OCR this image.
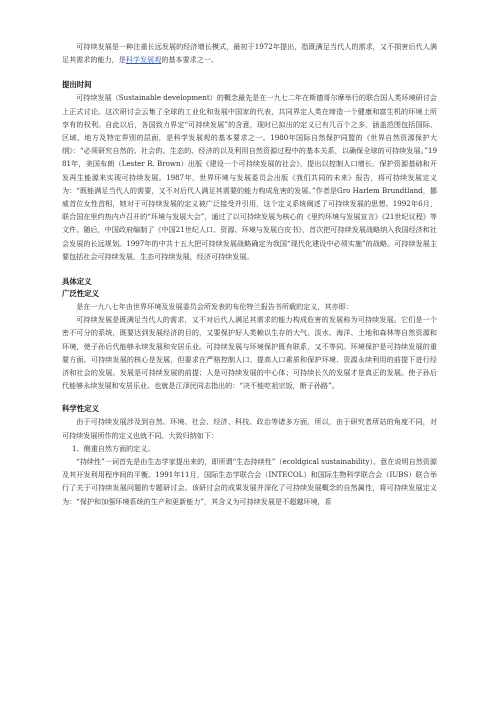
可持续发展是一种注重长远发展的经济增长模式，最初于1972年提出，指既满足当代人的需求，又不损害后代人满足其需求的能力，是科学发展观的基本要求之一。

提出时间

可持续发展（Sustainable development）的概念最先是在一九七二年在斯德哥尔摩举行的联合国人类环境研讨会上正式讨论。这次研讨会云集了全球的工业化和发展中国家的代表，共同界定人类在缔造一个健康和富生机的环境上所享有的权利。自此以后，各国致力界定“可持续发展”的含意，现时已拟出的定义已有几百个之多，涵盖范围包括国际、区域、地方及特定界别的层面，是科学发展观的基本要求之一。1980年国际自然保护同盟的《世界自然资源保护大纲》：“必须研究自然的、社会的、生态的、经济的以及利用自然资源过程中的基本关系，以确保全球的可持续发展。”1981年，美国布朗（Lester R. Brown）出版《建设一个可持续发展的社会》，提出以控制人口增长、保护资源基础和开发再生能源来实现可持续发展。1987年，世界环境与发展委员会出版《我们共同的未来》报告，将可持续发展定义为：“既能满足当代人的需要，又不对后代人满足其需要的能力构成危害的发展。”作者是Gro Harlem Brundtland，挪威首位女性首相，她对于可持续发展的定义被广泛接受并引用，这个定义系统阐述了可持续发展的思想。1992年6月，联合国在里约热内卢召开的“环境与发展大会”，通过了以可持续发展为核心的《里约环境与发展宣言》《21世纪议程》等文件。随后，中国政府编制了《中国21世纪人口、资源、环境与发展白皮书》，首次把可持续发展战略纳入我国经济和社会发展的长远规划。1997年的中共十五大把可持续发展战略确定为我国“现代化建设中必须实施”的战略。可持续发展主要包括社会可持续发展，生态可持续发展，经济可持续发展。

具体定义
广泛性定义

是在一九八七年由世界环境及发展委员会所发表的布伦特兰报告书所载的定义，其亦即：

可持续发展是既满足当代人的需求，又不对后代人满足其需求的能力构成危害的发展称为可持续发展。它们是一个密不可分的系统，既要达到发展经济的目的，又要保护好人类赖以生存的大气、淡水、海洋、土地和森林等自然资源和环境，使子孙后代能够永续发展和安居乐业。可持续发展与环境保护既有联系，又不等同。环境保护是可持续发展的重要方面。可持续发展的核心是发展，但要求在严格控制人口、提高人口素质和保护环境、资源永续利用的前提下进行经济和社会的发展。发展是可持续发展的前提；人是可持续发展的中心体；可持续长久的发展才是真正的发展。使子孙后代能够永续发展和安居乐业。也就是江泽民同志指出的：“决不能吃祖宗饭，断子孙路”。

科学性定义

由于可持续发展涉及到自然、环境、社会、经济、科技、政治等诸多方面，所以，由于研究者所站的角度不同，对可持续发展所作的定义也就不同。大致归纳如下：

1、侧重自然方面的定义。

“持续性”一词首先是由生态学家提出来的，即所谓“生态持续性”（ecoldgical sustainability）。意在说明自然资源及其开发利用程序间的平衡。1991年11月，国际生态学联合会（INTECOL）和国际生物科学联合会（IUBS）联合举行了关于可持续发展问题的专题研讨会。该研讨会的成果发展并深化了可持续发展概念的自然属性，将可持续发展定义为：“保护和加强环境系统的生产和更新能力”，其含义为可持续发展是不超越环境，系
